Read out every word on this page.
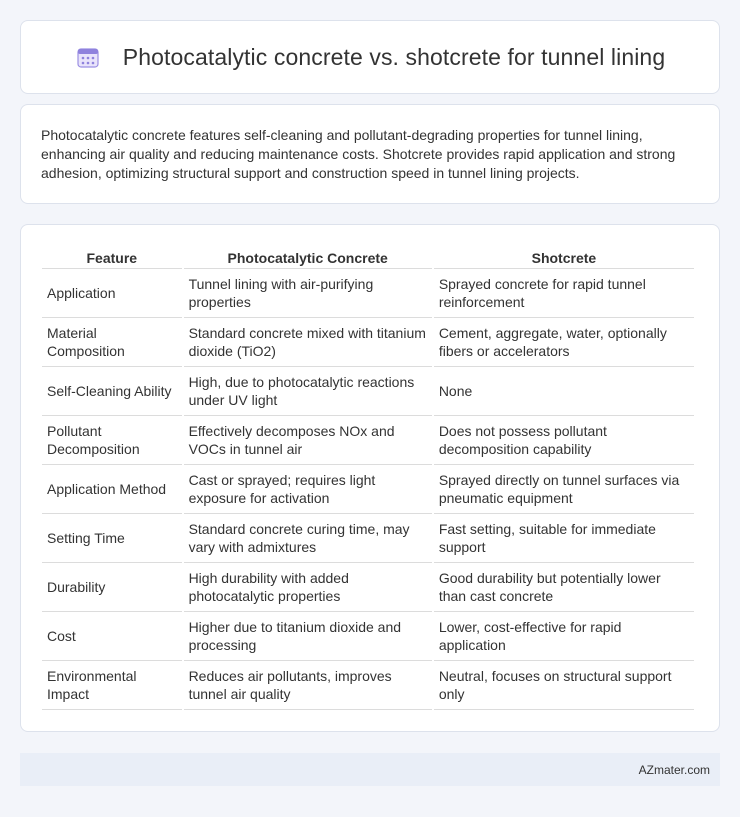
Photocatalytic concrete vs. shotcrete for tunnel lining

Photocatalytic concrete features self-cleaning and pollutant-degrading properties for tunnel lining, enhancing air quality and reducing maintenance costs. Shotcrete provides rapid application and strong adhesion, optimizing structural support and construction speed in tunnel lining projects.

Feature	Photocatalytic Concrete	Shotcrete
Application	Tunnel lining with air-purifying properties	Sprayed concrete for rapid tunnel reinforcement
Material Composition	Standard concrete mixed with titanium dioxide (TiO2)	Cement, aggregate, water, optionally fibers or accelerators
Self-Cleaning Ability	High, due to photocatalytic reactions under UV light	None
Pollutant Decomposition	Effectively decomposes NOx and VOCs in tunnel air	Does not possess pollutant decomposition capability
Application Method	Cast or sprayed; requires light exposure for activation	Sprayed directly on tunnel surfaces via pneumatic equipment
Setting Time	Standard concrete curing time, may vary with admixtures	Fast setting, suitable for immediate support
Durability	High durability with added photocatalytic properties	Good durability but potentially lower than cast concrete
Cost	Higher due to titanium dioxide and processing	Lower, cost-effective for rapid application
Environmental Impact	Reduces air pollutants, improves tunnel air quality	Neutral, focuses on structural support only
AZmater.com
